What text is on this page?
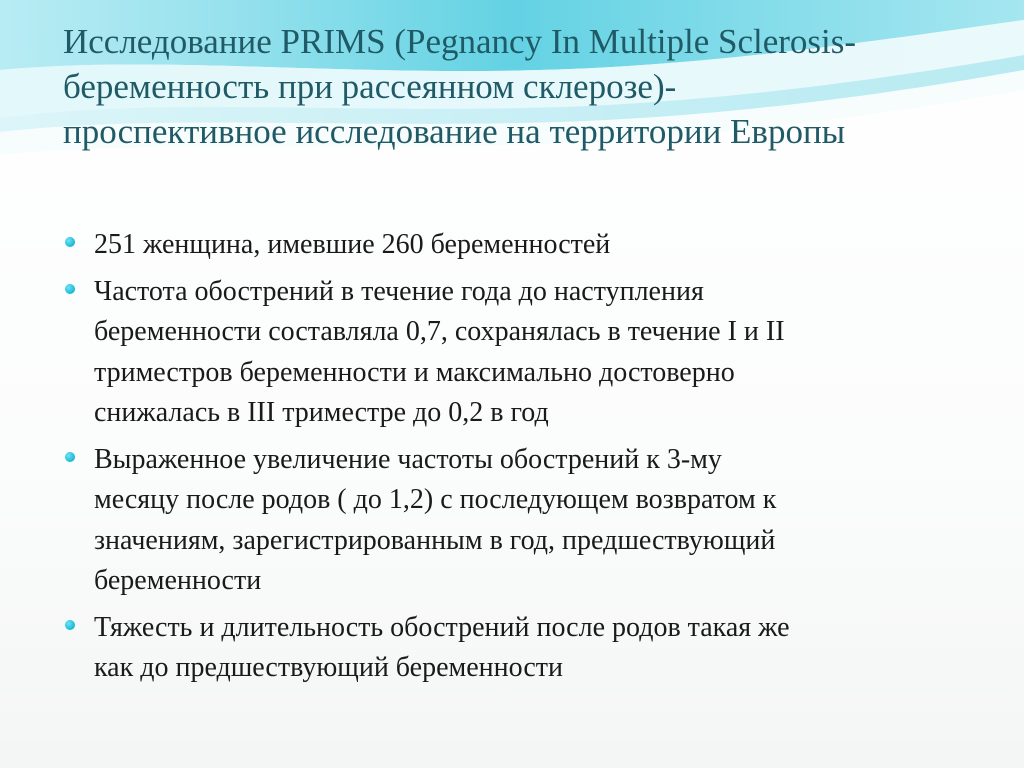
Исследование PRIMS (Pegnancy In Multiple Sclerosis-
беременность при рассеянном склерозе)-
проспективное исследование на территории Европы
251 женщина, имевшие 260 беременностей
Частота обострений в течение года до наступления
беременности составляла 0,7, сохранялась в течение I и II
триместров беременности и максимально достоверно
снижалась в III триместре до 0,2 в год
Выраженное увеличение частоты обострений к 3-му
месяцу после родов ( до 1,2) с последующем возвратом к
значениям, зарегистрированным в год, предшествующий
беременности
Тяжесть и длительность обострений после родов такая же
как до предшествующий беременности
